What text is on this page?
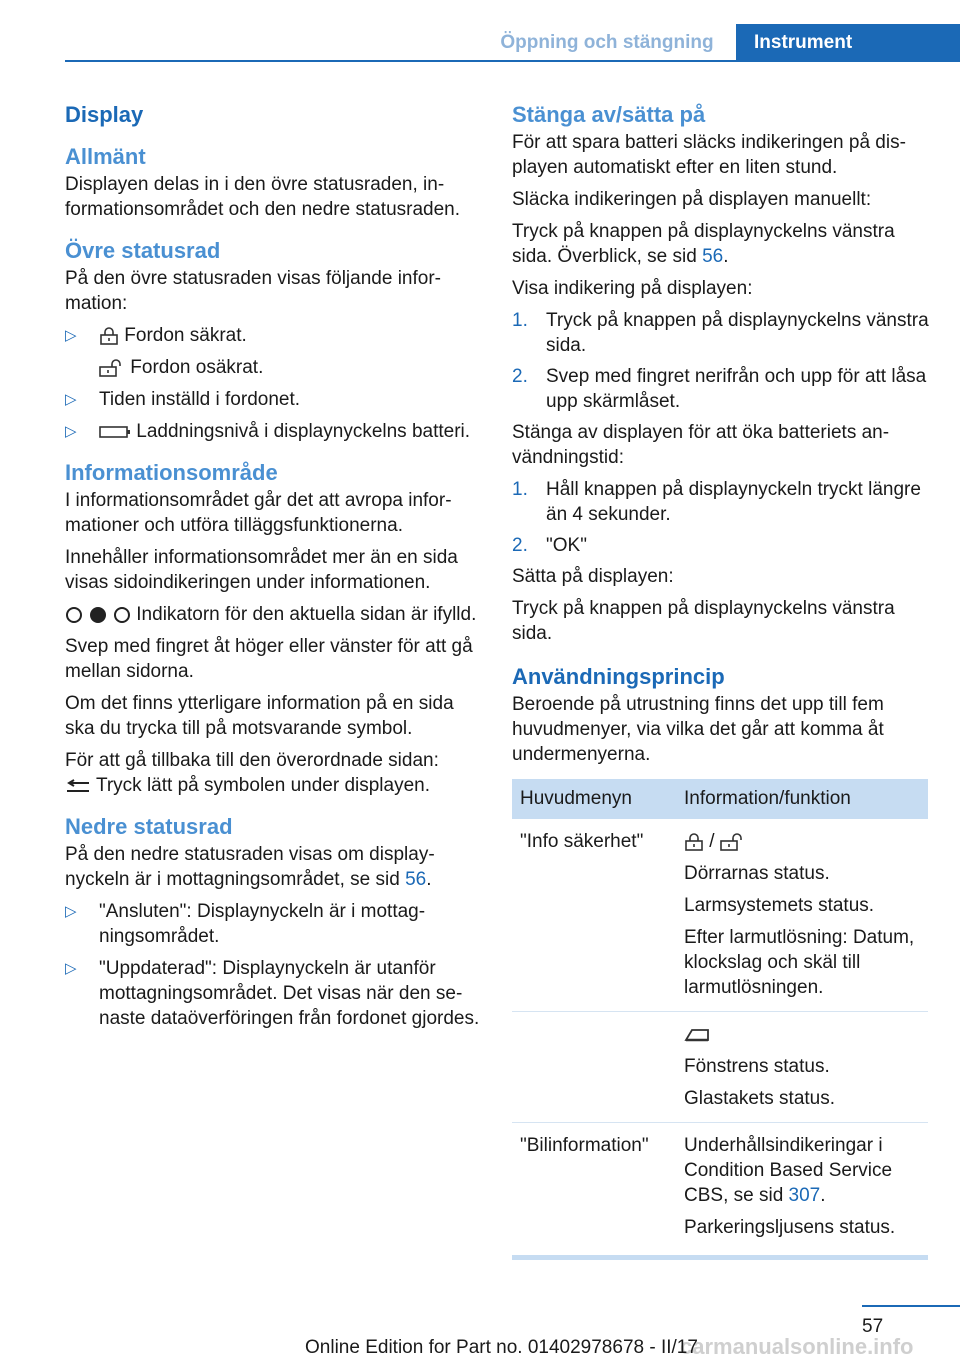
Öppning och stängning	Instrument
Display
Allmänt

Displayen delas in i den övre statusraden, informationsområdet och den nedre statusraden.

Övre statusrad

På den övre statusraden visas följande information:

▷	Fordon säkrat.
Fordon osäkrat.
▷ Tiden inställd i fordonet.
▷	Laddningsnivå i displaynyckelns batteri.
Informationsområde

I informationsområdet går det att avropa informationer och utföra tilläggsfunktionerna.

Innehåller informationsområdet mer än en sida visas sidoindikeringen under informationen.

Indikatorn för den aktuella sidan är ifylld.

Svep med fingret åt höger eller vänster för att gå mellan sidorna.

Om det finns ytterligare information på en sida ska du trycka till på motsvarande symbol.

För att gå tillbaka till den överordnade sidan:
Tryck lätt på symbolen under displayen.

Nedre statusrad

På den nedre statusraden visas om displaynyckeln är i mottagningsområdet, se sid 56.

▷ "Ansluten": Displaynyckeln är i mottagningsområdet.
▷ "Uppdaterad": Displaynyckeln är utanför mottagningsområdet. Det visas när den senaste dataöverföringen från fordonet gjordes.
Stänga av/sätta på

För att spara batteri släcks indikeringen på displayen automatiskt efter en liten stund.

Släcka indikeringen på displayen manuellt:

Tryck på knappen på displaynyckelns vänstra sida. Överblick, se sid 56.

Visa indikering på displayen:

1. Tryck på knappen på displaynyckelns vänstra sida.
2. Svep med fingret nerifrån och upp för att låsa upp skärmlåset.

Stänga av displayen för att öka batteriets användningstid:

1. Håll knappen på displaynyckeln tryckt längre än 4 sekunder.
2. "OK"

Sätta på displayen:

Tryck på knappen på displaynyckelns vänstra sida.

Användningsprincip

Beroende på utrustning finns det upp till fem huvudmenyer, via vilka det går att komma åt undermenyerna.

Huvudmenyn	Information/funktion
"Info säkerhet"	/

Dörrarnas status.

Larmsystemets status.

Efter larmutlösning: Datum, klockslag och skäl till larmutlösningen.

	Fönstrens status.

Glastakets status.

"Bilinformation"	Underhållsindikeringar i Condition Based Service CBS, se sid 307.

Parkeringsljusens status.

57
carmanualsonline.info
Online Edition for Part no. 01402978678 - II/17
